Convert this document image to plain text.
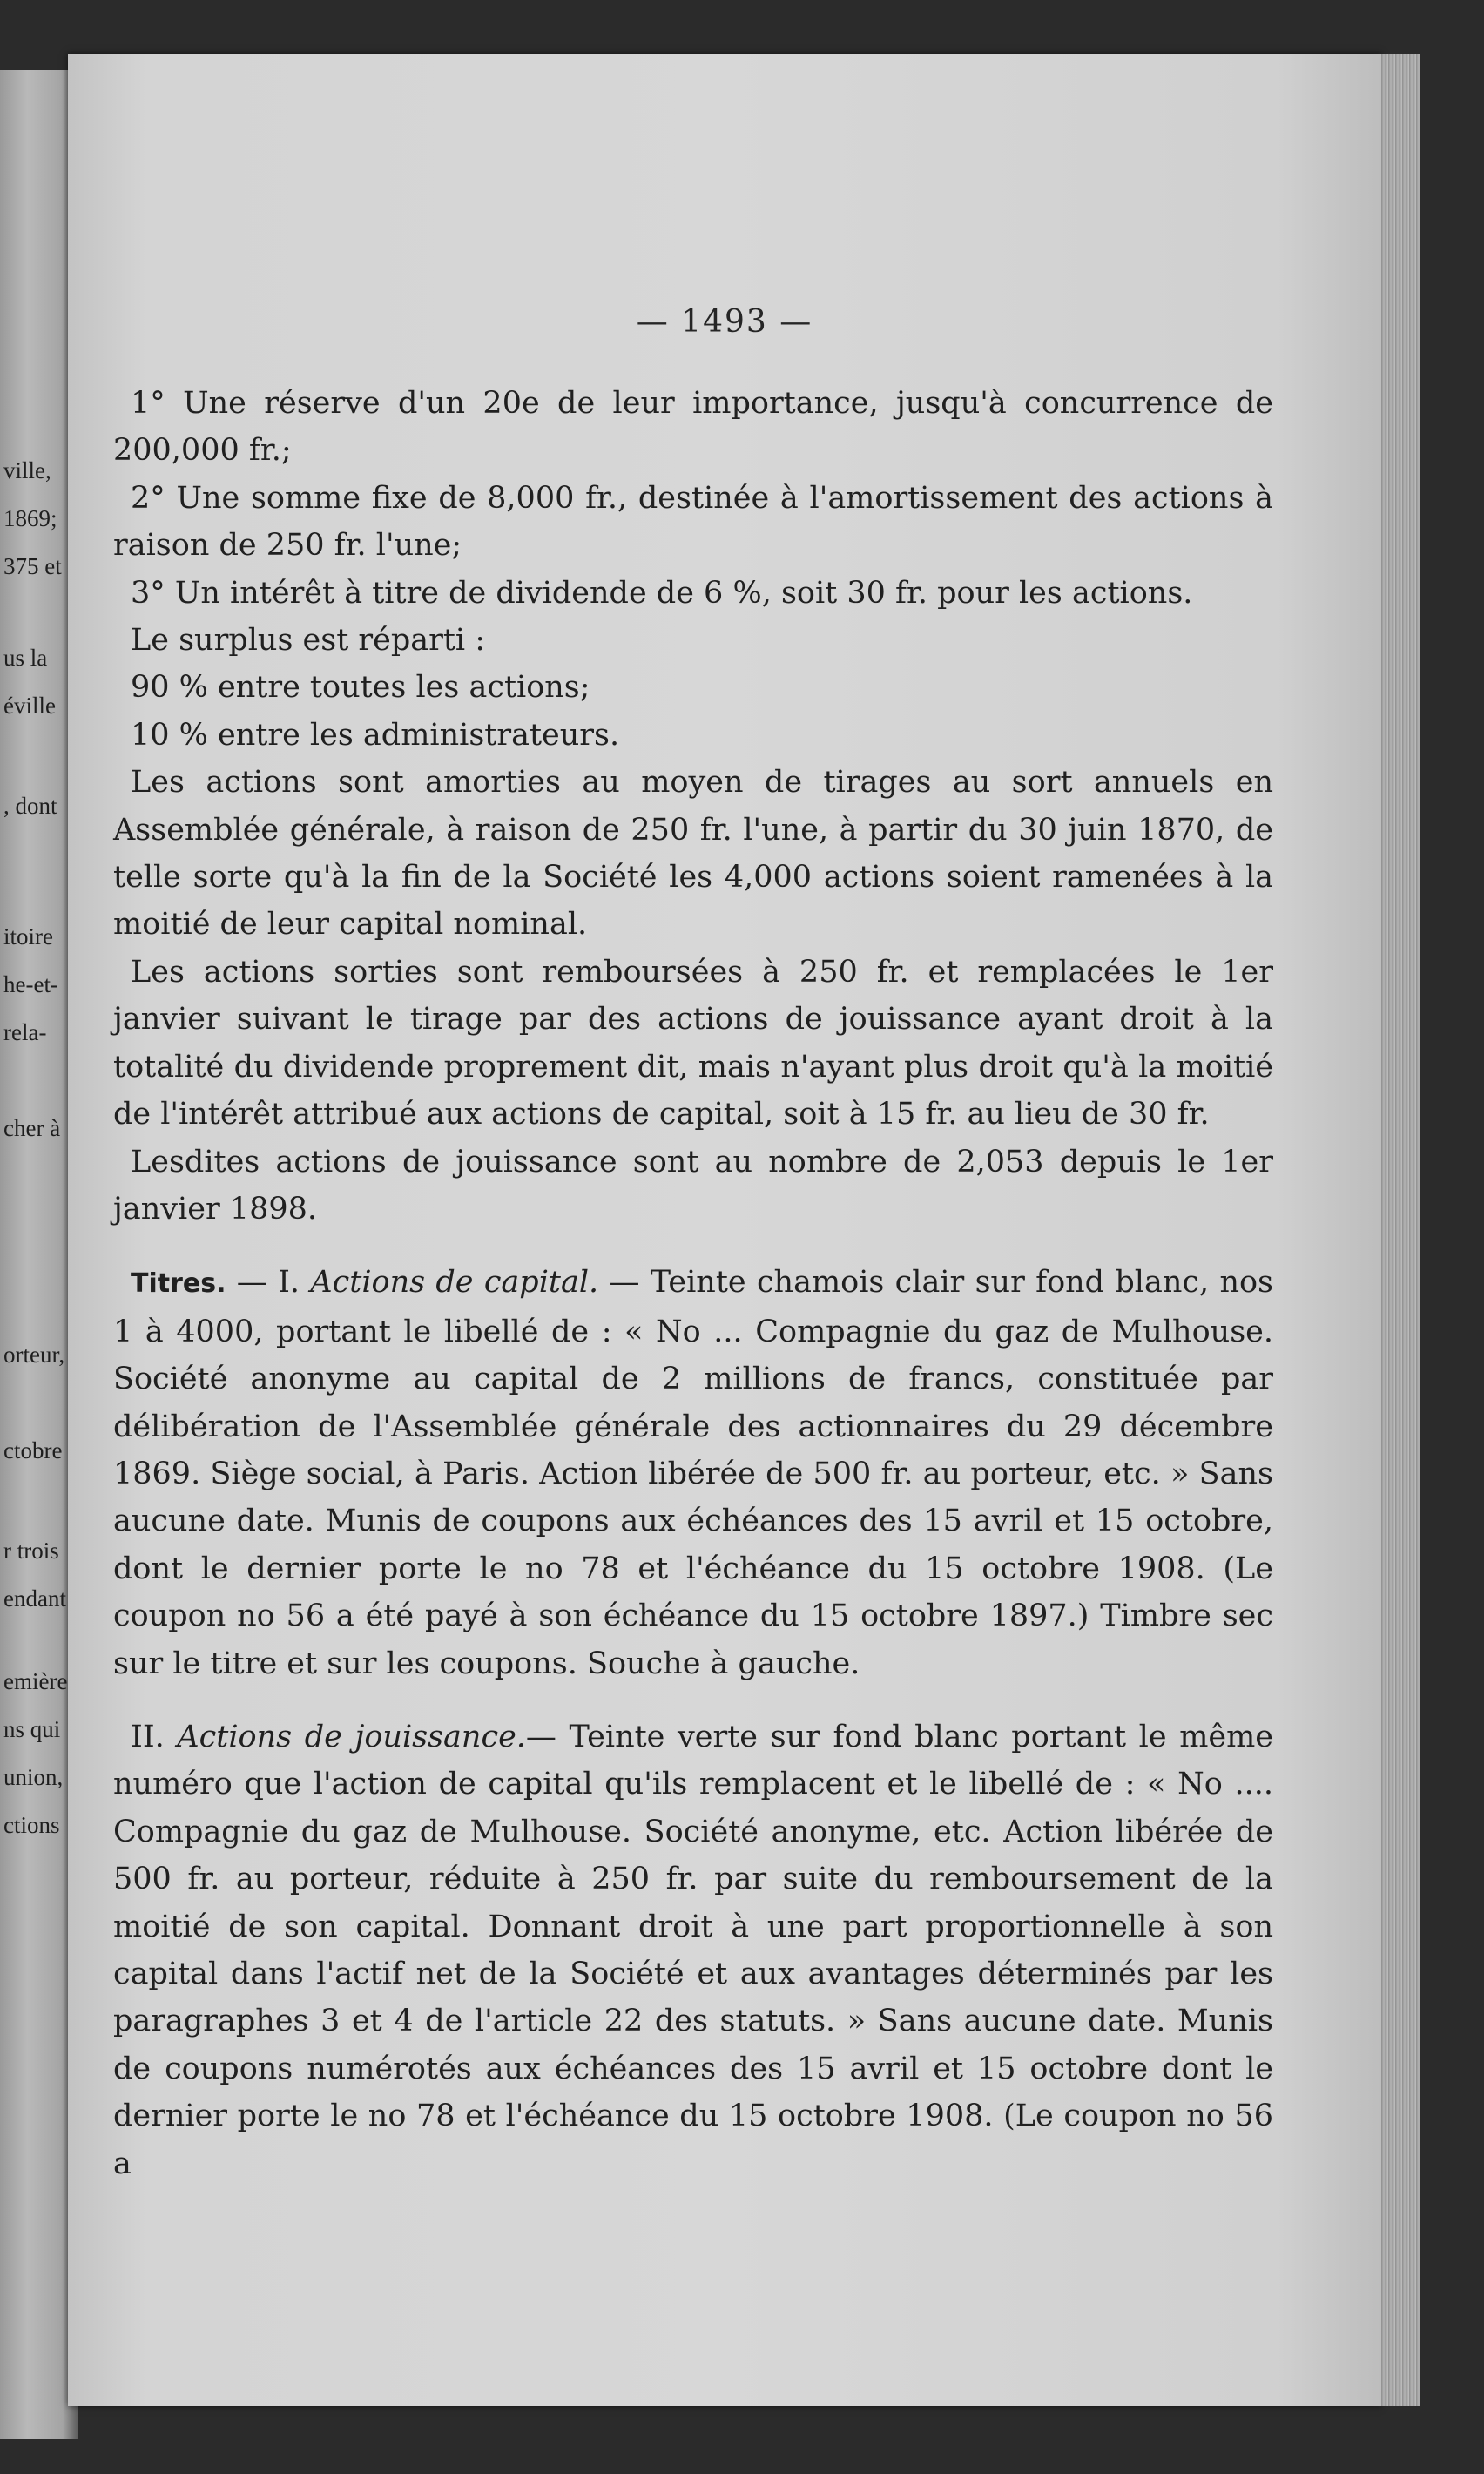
ville,
1869;
375 et
us la
éville
, dont
itoire
he-et-
rela-
cher à
orteur,
ctobre
r trois
endant
emière
ns qui
union,
ctions
— 1493 —

1° Une réserve d'un 20e de leur importance, jusqu'à concurrence de 200,000 fr.;

2° Une somme fixe de 8,000 fr., destinée à l'amortissement des actions à raison de 250 fr. l'une;

3° Un intérêt à titre de dividende de 6 %, soit 30 fr. pour les actions.

Le surplus est réparti :

90 % entre toutes les actions;

10 % entre les administrateurs.

Les actions sont amorties au moyen de tirages au sort annuels en Assemblée générale, à raison de 250 fr. l'une, à partir du 30 juin 1870, de telle sorte qu'à la fin de la Société les 4,000 actions soient ramenées à la moitié de leur capital nominal.

Les actions sorties sont remboursées à 250 fr. et remplacées le 1er janvier suivant le tirage par des actions de jouissance ayant droit à la totalité du dividende proprement dit, mais n'ayant plus droit qu'à la moitié de l'intérêt attribué aux actions de capital, soit à 15 fr. au lieu de 30 fr.

Lesdites actions de jouissance sont au nombre de 2,053 depuis le 1er janvier 1898.

Titres. — I. Actions de capital. — Teinte chamois clair sur fond blanc, nos 1 à 4000, portant le libellé de : « No ... Compagnie du gaz de Mulhouse. Société anonyme au capital de 2 millions de francs, constituée par délibération de l'Assemblée générale des actionnaires du 29 décembre 1869. Siège social, à Paris. Action libérée de 500 fr. au porteur, etc. » Sans aucune date. Munis de coupons aux échéances des 15 avril et 15 octobre, dont le dernier porte le no 78 et l'échéance du 15 octobre 1908. (Le coupon no 56 a été payé à son échéance du 15 octobre 1897.) Timbre sec sur le titre et sur les coupons. Souche à gauche.

II. Actions de jouissance.— Teinte verte sur fond blanc portant le même numéro que l'action de capital qu'ils remplacent et le libellé de : « No .... Compagnie du gaz de Mulhouse. Société anonyme, etc. Action libérée de 500 fr. au porteur, réduite à 250 fr. par suite du remboursement de la moitié de son capital. Donnant droit à une part proportionnelle à son capital dans l'actif net de la Société et aux avantages déterminés par les paragraphes 3 et 4 de l'article 22 des statuts. » Sans aucune date. Munis de coupons numérotés aux échéances des 15 avril et 15 octobre dont le dernier porte le no 78 et l'échéance du 15 octobre 1908. (Le coupon no 56 a
